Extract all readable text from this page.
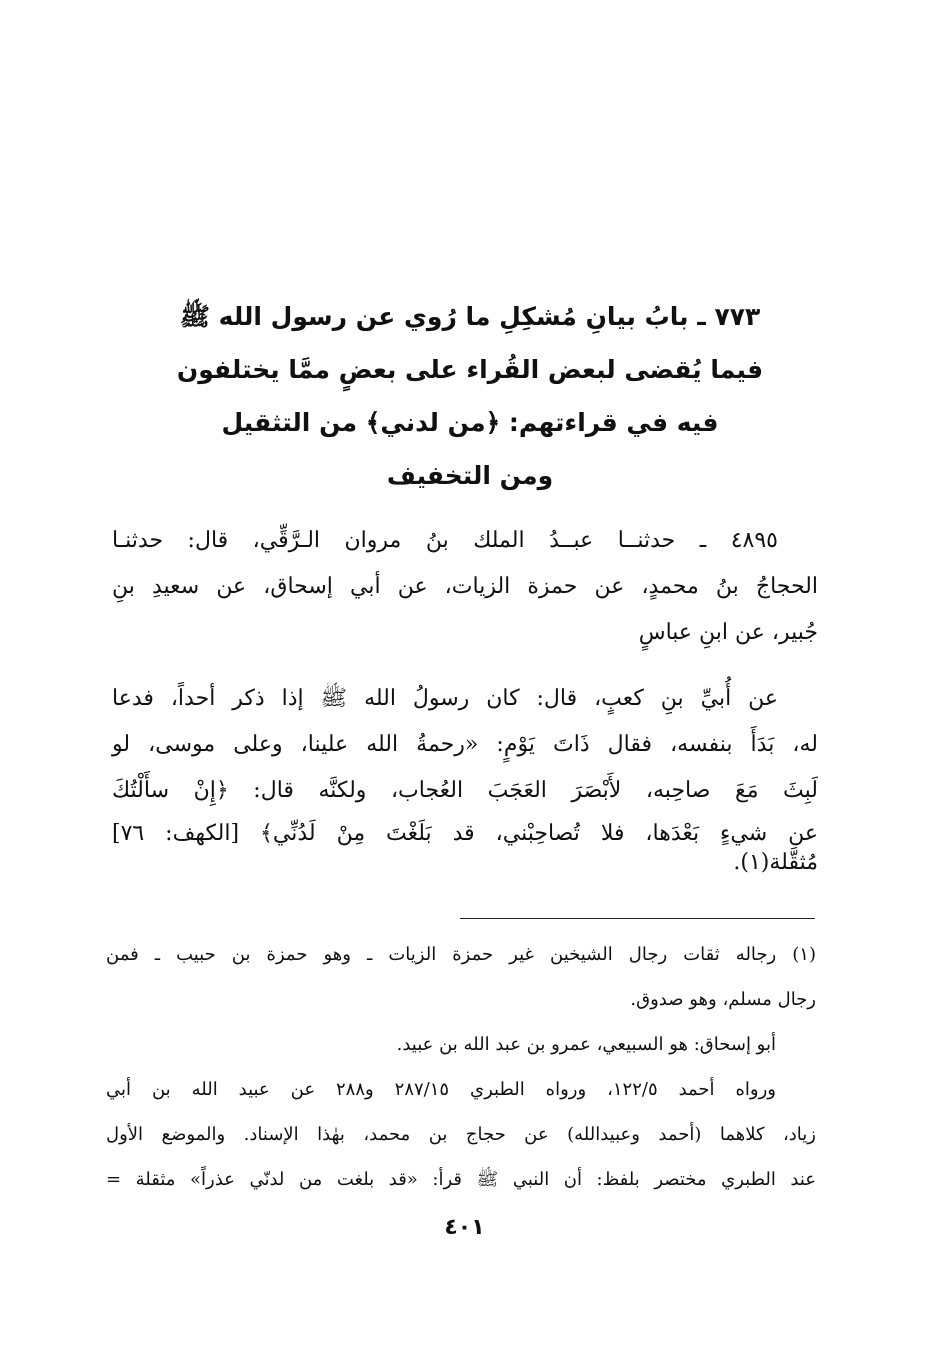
٧٧٣ ـ بابُ بيانِ مُشكِلِ ما رُوي عن رسول الله ﷺ
فيما يُقضى لبعض القُراء على بعضٍ ممَّا يختلفون
فيه في قراءتهم: ﴿من لدني﴾ من التثقيل
ومن التخفيف
٤٨٩٥ ـ حدثنــا عبــدُ الملك بنُ مروان الـرَّقِّي، قال: حدثنـا
الحجاجُ بنُ محمدٍ، عن حمزة الزيات، عن أبي إسحاق، عن سعيدِ بنِ
جُبير، عن ابنِ عباسٍ
عن أُبيِّ بنِ كعبٍ، قال: كان رسولُ الله ﷺ إذا ذكر أحداً، فدعا
له، بَدَأَ بنفسه، فقال ذَاتَ يَوْمٍ: «رحمةُ الله علينا، وعلى موسى، لو
لَبِثَ مَعَ صاحِبه، لأَبْصَرَ العَجَبَ العُجاب، ولكنَّه قال: ﴿إِنْ سأَلْتُكَ
عن شيءٍ بَعْدَها، فلا تُصاحِبْني، قد بَلَغْتَ مِنْ لَدُنِّي﴾ [الكهف: ٧٦]
مُثقَّلة(١).
(١) رجاله ثقات رجال الشيخين غير حمزة الزيات ـ وهو حمزة بن حبيب ـ فمن
رجال مسلم، وهو صدوق.
أبو إسحاق: هو السبيعي، عمرو بن عبد الله بن عبيد.
ورواه أحمد ١٢٢/٥، ورواه الطبري ٢٨٧/١٥ و٢٨٨ عن عبيد الله بن أبي
زياد، كلاهما (أحمد وعبيدالله) عن حجاج بن محمد، بهٰذا الإسناد. والموضع الأول
عند الطبري مختصر بلفظ: أن النبي ﷺ قرأ: «قد بلغت من لدنّي عذراً» مثقلة =
٤٠١
